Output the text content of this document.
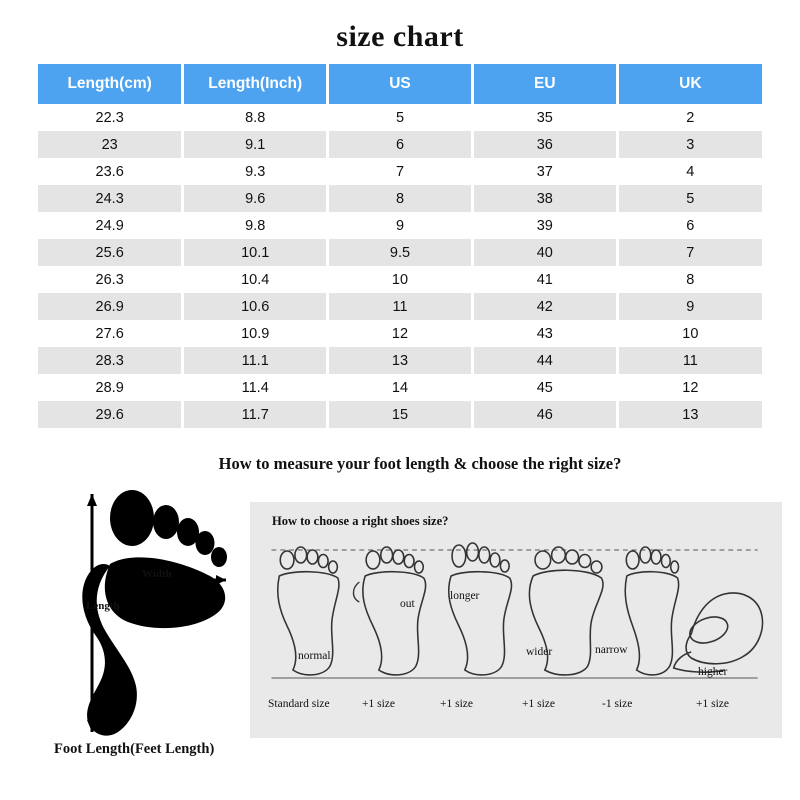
size chart
Length(cm)	Length(Inch)	US	EU	UK
22.3	8.8	5	35	2
23	9.1	6	36	3
23.6	9.3	7	37	4
24.3	9.6	8	38	5
24.9	9.8	9	39	6
25.6	10.1	9.5	40	7
26.3	10.4	10	41	8
26.9	10.6	11	42	9
27.6	10.9	12	43	10
28.3	11.1	13	44	11
28.9	11.4	14	45	12
29.6	11.7	15	46	13
How to measure your foot length & choose the right size?
Width
Length
Foot Length(Feet Length)
How to choose a right shoes size?
normal
out
longer
wider	narrow
higher
Standard size	+1 size	+1 size	+1 size	-1 size	+1 size
